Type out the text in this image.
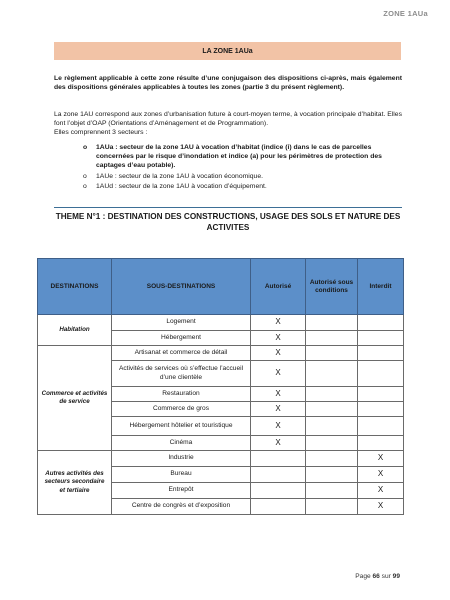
ZONE 1AUa
LA ZONE 1AUa
Le règlement applicable à cette zone résulte d’une conjugaison des dispositions ci-après, mais également des dispositions générales applicables à toutes les zones (partie 3 du présent règlement).
La zone 1AU correspond aux zones d’urbanisation future à court-moyen terme, à vocation principale d’habitat. Elles font l’objet d’OAP (Orientations d’Aménagement et de Programmation).
Elles comprennent 3 secteurs :
o 1AUa : secteur de la zone 1AU à vocation d’habitat (indice (i) dans le cas de parcelles concernées par le risque d’inondation et indice (a) pour les périmètres de protection des captages d’eau potable).
o 1AUe : secteur de la zone 1AU à vocation économique.
o 1AUd : secteur de la zone 1AU à vocation d’équipement.
THEME N°1 : DESTINATION DES CONSTRUCTIONS, USAGE DES SOLS ET NATURE DES ACTIVITES
DESTINATIONS	SOUS-DESTINATIONS	Autorisé	Autorisé sous conditions	Interdit
Habitation	Logement	X		
	Hébergement	X		
Commerce et activités de service	Artisanat et commerce de détail	X		
	Activités de services où s’effectue l’accueil d’une clientèle	X		
	Restauration	X		
	Commerce de gros	X		
	Hébergement hôtelier et touristique	X		
	Cinéma	X		
Autres activités des secteurs secondaire et tertiaire	Industrie			X
	Bureau			X
	Entrepôt			X
	Centre de congrès et d’exposition			X
Page 66 sur 99
